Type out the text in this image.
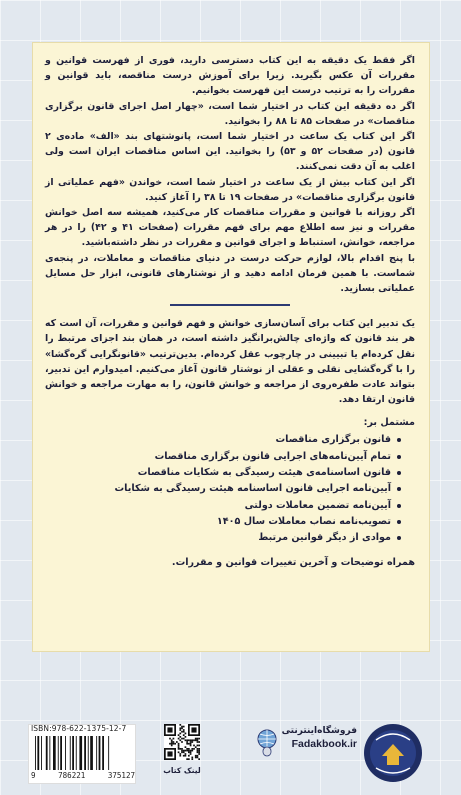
اگر فقط یک دقیقه به این کتاب دسترسی دارید، فوری از فهرست قوانین و مقررات آن عکس بگیرید. زیرا برای آموزش درست مناقصه، باید قوانین و مقررات را به ترتیب درست این فهرست بخوانیم.

اگر ده دقیقه این کتاب در اختیار شما است، «چهار اصل اجرای قانون برگزاری مناقصات» در صفحات ۸۵ تا ۸۸ را بخوانید.

اگر این کتاب یک ساعت در اختیار شما است، پانوشتهای بند «الف» ماده‌ی ۲ قانون (در صفحات ۵۲ و ۵۳) را بخوانید. این اساس مناقصات ایران است ولی اغلب به آن دقت نمی‌کنند.

اگر این کتاب بیش از یک ساعت در اختیار شما است، خواندن «فهم عملیاتی از قانون برگزاری مناقصات» در صفحات ۱۹ تا ۳۸ را آغاز کنید.

اگر روزانه با قوانین و مقررات مناقصات کار می‌کنید، همیشه سه اصل خوانش مقررات و نیز سه اطلاع مهم برای فهم مقررات (صفحات ۴۱ و ۴۲) را در هر مراجعه، خوانش، استنباط و اجرای قوانین و مقررات در نظر داشته‌باشید.

با پنج اقدام بالا، لوازم حرکت درست در دنیای مناقصات و معاملات، در پنجه‌ی شماست. با همین فرمان ادامه دهید و از نوشتارهای قانونی، ابزار حل مسایل عملیاتی بسازید.

یک تدبیر این کتاب برای آسان‌سازی خوانش و فهم قوانین و مقررات، آن است که هر بند قانون که واژه‌ای چالش‌برانگیز داشته است، در همان بند اجزای مرتبط را نقل کرده‌ام یا تبیینی در چارچوب عقل کرده‌ام. بدین‌ترتیب «قانونگرایی گره‌گشا» را با گره‌گشایی نقلی و عقلی از نوشتار قانون آغاز می‌کنیم. امیدوارم این تدبیر، بتواند عادت طفره‌روی از مراجعه و خوانش قانون، را به مهارت مراجعه و خوانش قانون ارتقا دهد.

مشتمل بر:
قانون برگزاری مناقصات
تمام آیین‌نامه‌های اجرایی قانون برگزاری مناقصات
قانون اساسنامه‌ی هیئت رسیدگی به شکایات مناقصات
آیین‌نامه اجرایی قانون اساسنامه هیئت رسیدگی به شکایات
آیین‌نامه‌ تضمین معاملات دولتی
تصویب‌نامه نصاب معاملات سال ۱۴۰۵
موادی از دیگر قوانین مرتبط
همراه توضیحات و آخرین تغییرات قوانین و مقررات.
ISBN:978-622-1375-12-7
9	786221	375127
لینک کتاب
فروشگاه‌اینترنتی
Fadakbook.ir
